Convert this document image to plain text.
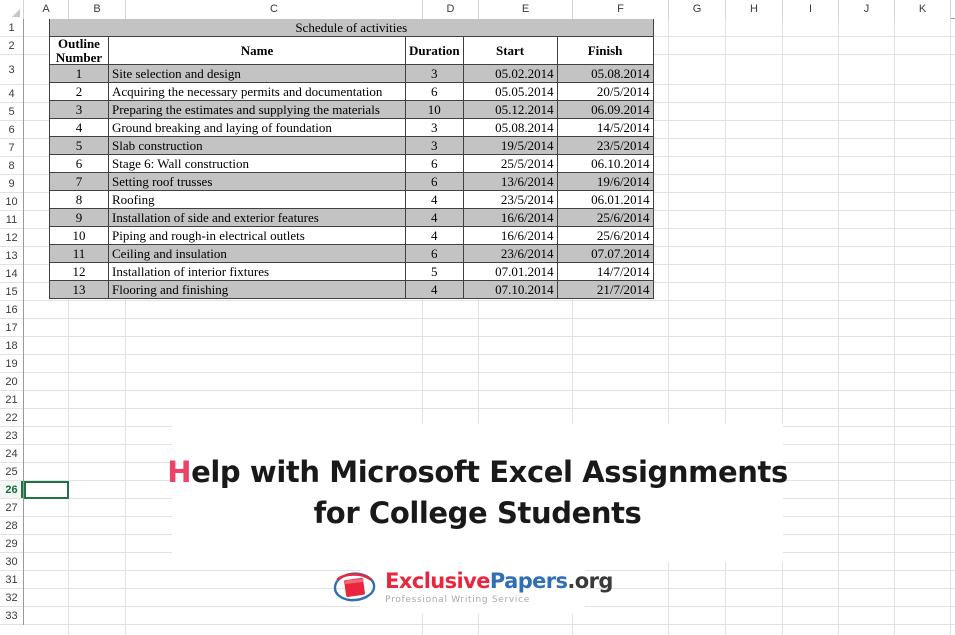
A	B	C	D	E	F	G	H	I	J	K
1
2
3
4
5
6
7
8
9
10
11
12
13
14
15
16
17
18
19
20
21
22
23
24
25
26
27
28
29
30
31
32
33
Schedule of activities				
Outline
Number	Name	Duration	Start	Finish
1	Site selection and design	3	05.02.2014	05.08.2014
2	Acquiring the necessary permits and documentation	6	05.05.2014	20/5/2014
3	Preparing the estimates and supplying the materials	10	05.12.2014	06.09.2014
4	Ground breaking and laying of foundation	3	05.08.2014	14/5/2014
5	Slab construction	3	19/5/2014	23/5/2014
6	Stage 6: Wall construction	6	25/5/2014	06.10.2014
7	Setting roof trusses	6	13/6/2014	19/6/2014
8	Roofing	4	23/5/2014	06.01.2014
9	Installation of side and exterior features	4	16/6/2014	25/6/2014
10	Piping and rough-in electrical outlets	4	16/6/2014	25/6/2014
11	Ceiling and insulation	6	23/6/2014	07.07.2014
12	Installation of interior fixtures	5	07.01.2014	14/7/2014
13	Flooring and finishing	4	07.10.2014	21/7/2014
Help with Microsoft Excel Assignments
for College Students
ExclusivePapers.org
Professional Writing Service
